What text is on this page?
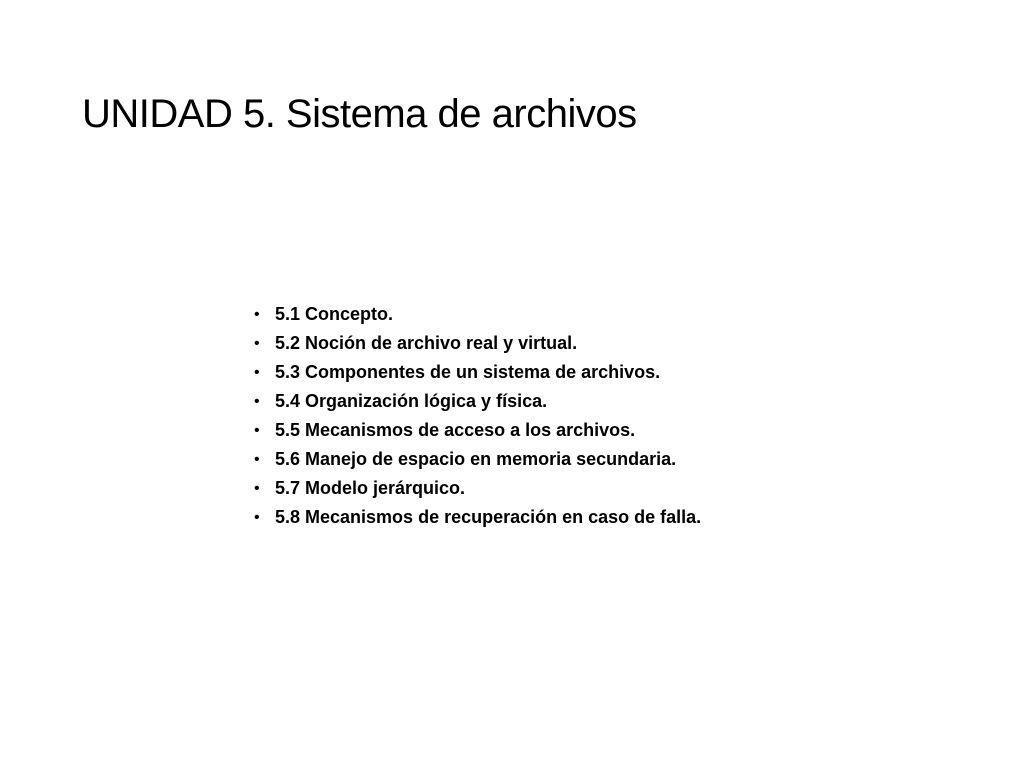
UNIDAD 5. Sistema de archivos
• 5.1 Concepto.
• 5.2 Noción de archivo real y virtual.
• 5.3 Componentes de un sistema de archivos.
• 5.4 Organización lógica y física.
• 5.5 Mecanismos de acceso a los archivos.
• 5.6 Manejo de espacio en memoria secundaria.
• 5.7 Modelo jerárquico.
• 5.8 Mecanismos de recuperación en caso de falla.
